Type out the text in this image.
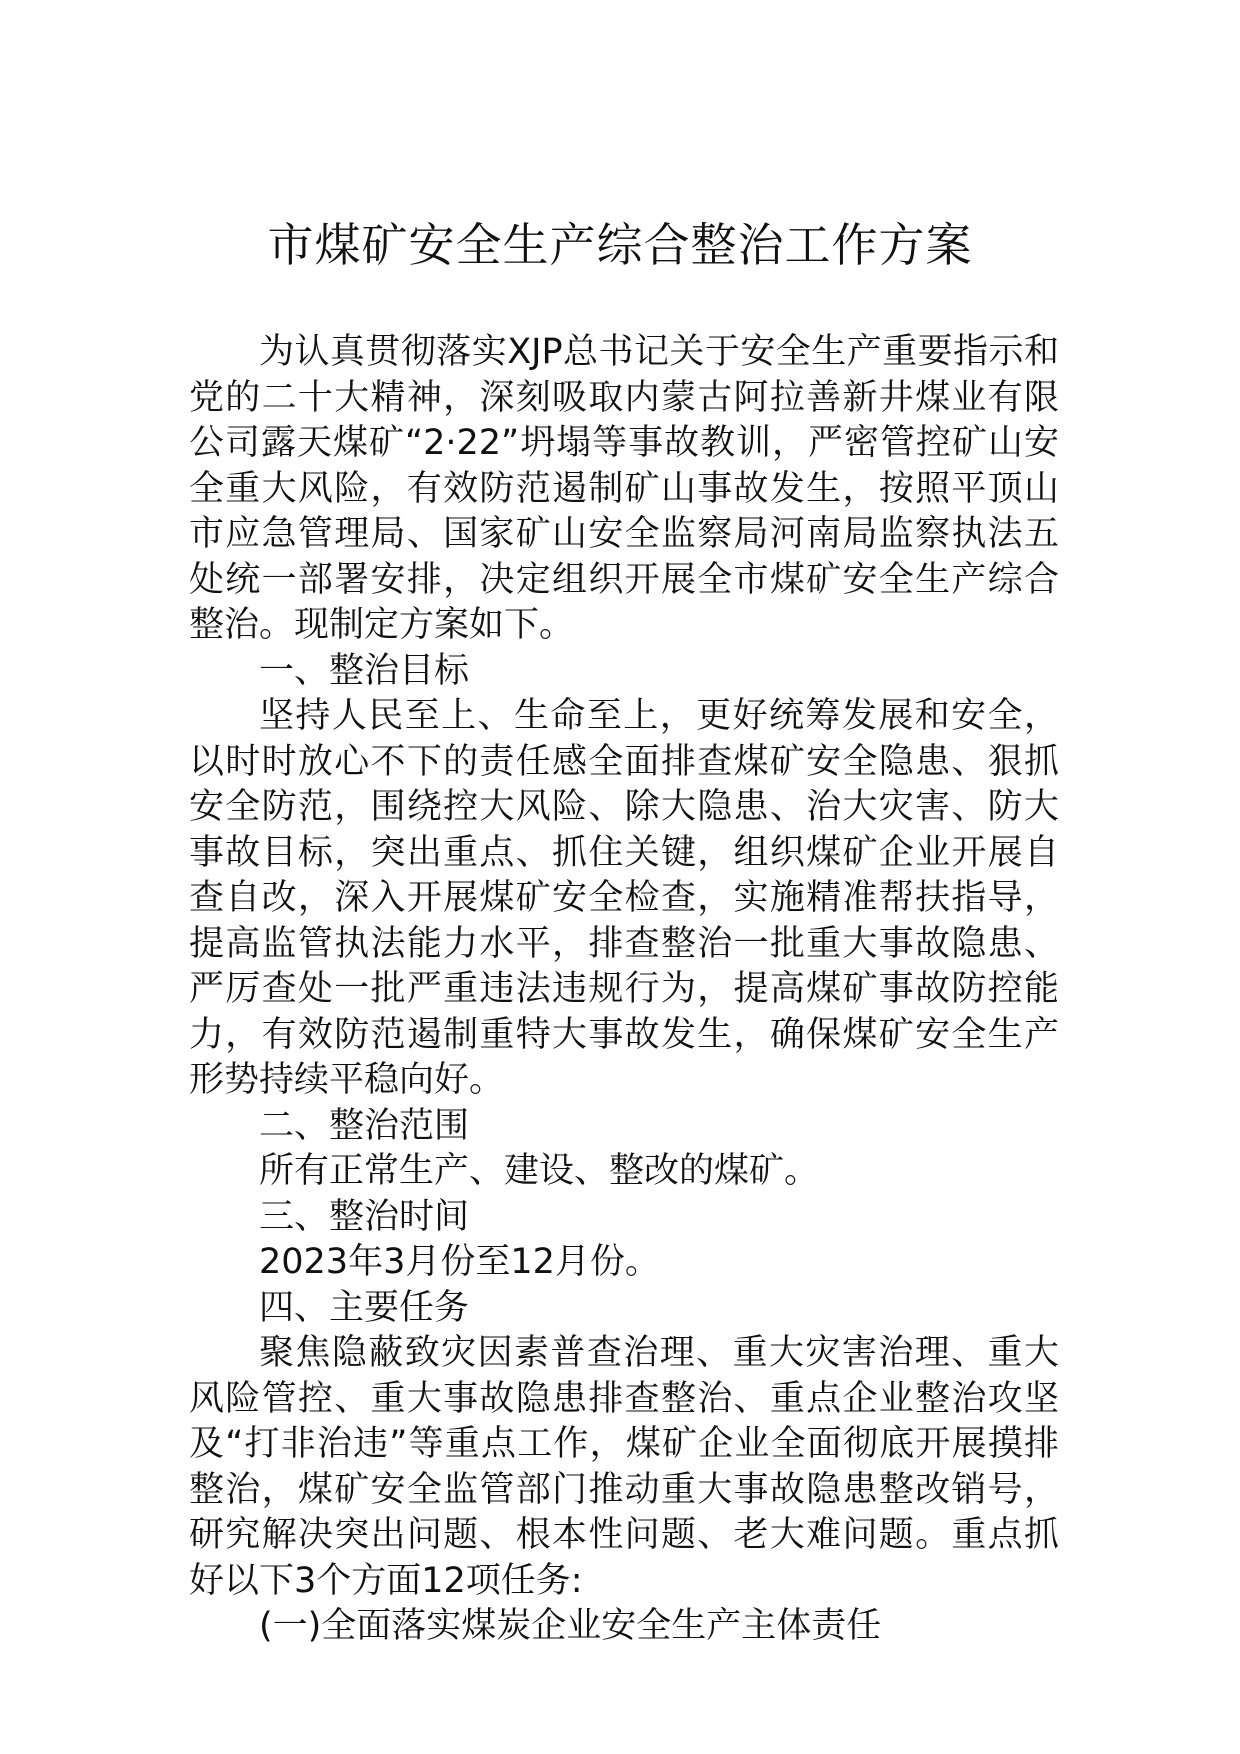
市煤矿安全生产综合整治工作方案

为认真贯彻落实XJP总书记关于安全生产重要指示和党的二十大精神，深刻吸取内蒙古阿拉善新井煤业有限公司露天煤矿“2·22”坍塌等事故教训，严密管控矿山安全重大风险，有效防范遏制矿山事故发生，按照平顶山市应急管理局、国家矿山安全监察局河南局监察执法五处统一部署安排，决定组织开展全市煤矿安全生产综合整治。现制定方案如下。

一、整治目标

坚持人民至上、生命至上，更好统筹发展和安全，以时时放心不下的责任感全面排查煤矿安全隐患、狠抓安全防范，围绕控大风险、除大隐患、治大灾害、防大事故目标，突出重点、抓住关键，组织煤矿企业开展自查自改，深入开展煤矿安全检查，实施精准帮扶指导，提高监管执法能力水平，排查整治一批重大事故隐患、严厉查处一批严重违法违规行为，提高煤矿事故防控能力，有效防范遏制重特大事故发生，确保煤矿安全生产形势持续平稳向好。

二、整治范围

所有正常生产、建设、整改的煤矿。

三、整治时间

2023年3月份至12月份。

四、主要任务

聚焦隐蔽致灾因素普查治理、重大灾害治理、重大风险管控、重大事故隐患排查整治、重点企业整治攻坚及“打非治违”等重点工作，煤矿企业全面彻底开展摸排整治，煤矿安全监管部门推动重大事故隐患整改销号，研究解决突出问题、根本性问题、老大难问题。重点抓好以下3个方面12项任务:

(一)全面落实煤炭企业安全生产主体责任
